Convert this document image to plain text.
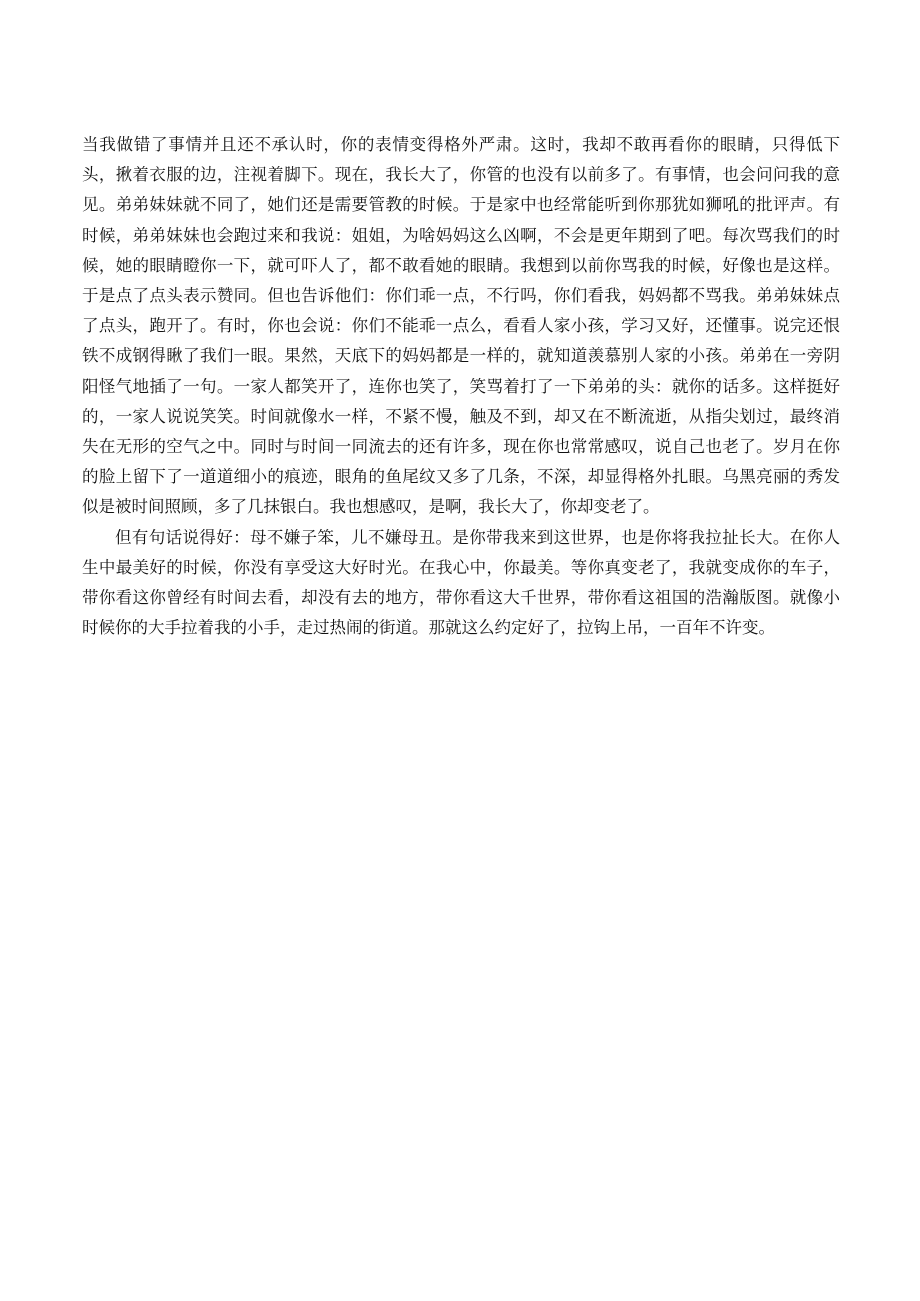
当我做错了事情并且还不承认时，你的表情变得格外严肃。这时，我却不敢再看你的眼睛，只得低下头，揪着衣服的边，注视着脚下。现在，我长大了，你管的也没有以前多了。有事情，也会问问我的意见。弟弟妹妹就不同了，她们还是需要管教的时候。于是家中也经常能听到你那犹如狮吼的批评声。有时候，弟弟妹妹也会跑过来和我说：姐姐，为啥妈妈这么凶啊，不会是更年期到了吧。每次骂我们的时候，她的眼睛瞪你一下，就可吓人了，都不敢看她的眼睛。我想到以前你骂我的时候，好像也是这样。于是点了点头表示赞同。但也告诉他们：你们乖一点，不行吗，你们看我，妈妈都不骂我。弟弟妹妹点了点头，跑开了。有时，你也会说：你们不能乖一点么，看看人家小孩，学习又好，还懂事。说完还恨铁不成钢得瞅了我们一眼。果然，天底下的妈妈都是一样的，就知道羡慕别人家的小孩。弟弟在一旁阴阳怪气地插了一句。一家人都笑开了，连你也笑了，笑骂着打了一下弟弟的头：就你的话多。这样挺好的，一家人说说笑笑。时间就像水一样，不紧不慢，触及不到，却又在不断流逝，从指尖划过，最终消失在无形的空气之中。同时与时间一同流去的还有许多，现在你也常常感叹，说自己也老了。岁月在你的脸上留下了一道道细小的痕迹，眼角的鱼尾纹又多了几条，不深，却显得格外扎眼。乌黑亮丽的秀发似是被时间照顾，多了几抹银白。我也想感叹，是啊，我长大了，你却变老了。

但有句话说得好：母不嫌子笨，儿不嫌母丑。是你带我来到这世界，也是你将我拉扯长大。在你人生中最美好的时候，你没有享受这大好时光。在我心中，你最美。等你真变老了，我就变成你的车子，带你看这你曾经有时间去看，却没有去的地方，带你看这大千世界，带你看这祖国的浩瀚版图。就像小时候你的大手拉着我的小手，走过热闹的街道。那就这么约定好了，拉钩上吊，一百年不许变。
